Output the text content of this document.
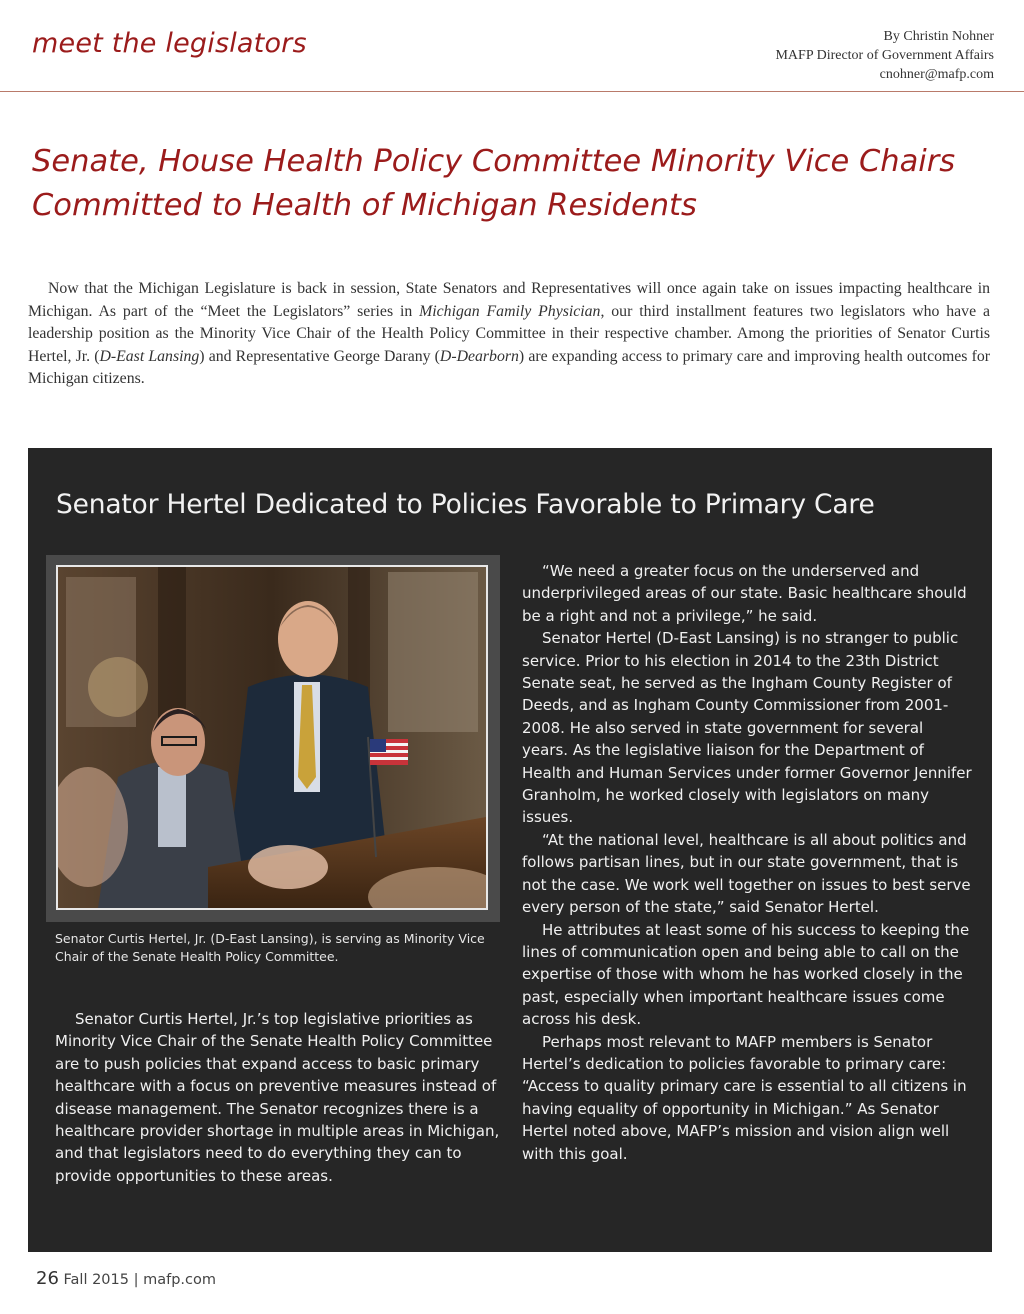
meet the legislators	By Christin Nohner
MAFP Director of Government Affairs
cnohner@mafp.com
Senate, House Health Policy Committee Minority Vice Chairs
Committed to Health of Michigan Residents
Now that the Michigan Legislature is back in session, State Senators and Representatives will once again take on issues impacting healthcare in Michigan. As part of the “Meet the Legislators” series in Michigan Family Physician, our third installment features two legislators who have a leadership position as the Minority Vice Chair of the Health Policy Committee in their respective chamber. Among the priorities of Senator Curtis Hertel, Jr. (D-East Lansing) and Representative George Darany (D-Dearborn) are expanding access to primary care and improving health outcomes for Michigan citizens.
Senator Hertel Dedicated to Policies Favorable to Primary Care
Senator Curtis Hertel, Jr. (D-East Lansing), is serving as Minority Vice Chair of the Senate Health Policy Committee.

Senator Curtis Hertel, Jr.’s top legislative priorities as Minority Vice Chair of the Senate Health Policy Committee are to push policies that expand access to basic primary healthcare with a focus on preventive measures instead of disease management. The Senator recognizes there is a healthcare provider shortage in multiple areas in Michigan, and that legislators need to do everything they can to provide opportunities to these areas.

“We need a greater focus on the underserved and underprivileged areas of our state. Basic healthcare should be a right and not a privilege,” he said.

Senator Hertel (D-East Lansing) is no stranger to public service. Prior to his election in 2014 to the 23th District Senate seat, he served as the Ingham County Register of Deeds, and as Ingham County Commissioner from 2001-2008. He also served in state government for several years. As the legislative liaison for the Department of Health and Human Services under former Governor Jennifer Granholm, he worked closely with legislators on many issues.

“At the national level, healthcare is all about politics and follows partisan lines, but in our state government, that is not the case. We work well together on issues to best serve every person of the state,” said Senator Hertel.

He attributes at least some of his success to keeping the lines of communication open and being able to call on the expertise of those with whom he has worked closely in the past, especially when important healthcare issues come across his desk.

Perhaps most relevant to MAFP members is Senator Hertel’s dedication to policies favorable to primary care: “Access to quality primary care is essential to all citizens in having equality of opportunity in Michigan.” As Senator Hertel noted above, MAFP’s mission and vision align well with this goal.

26 Fall 2015 | mafp.com
